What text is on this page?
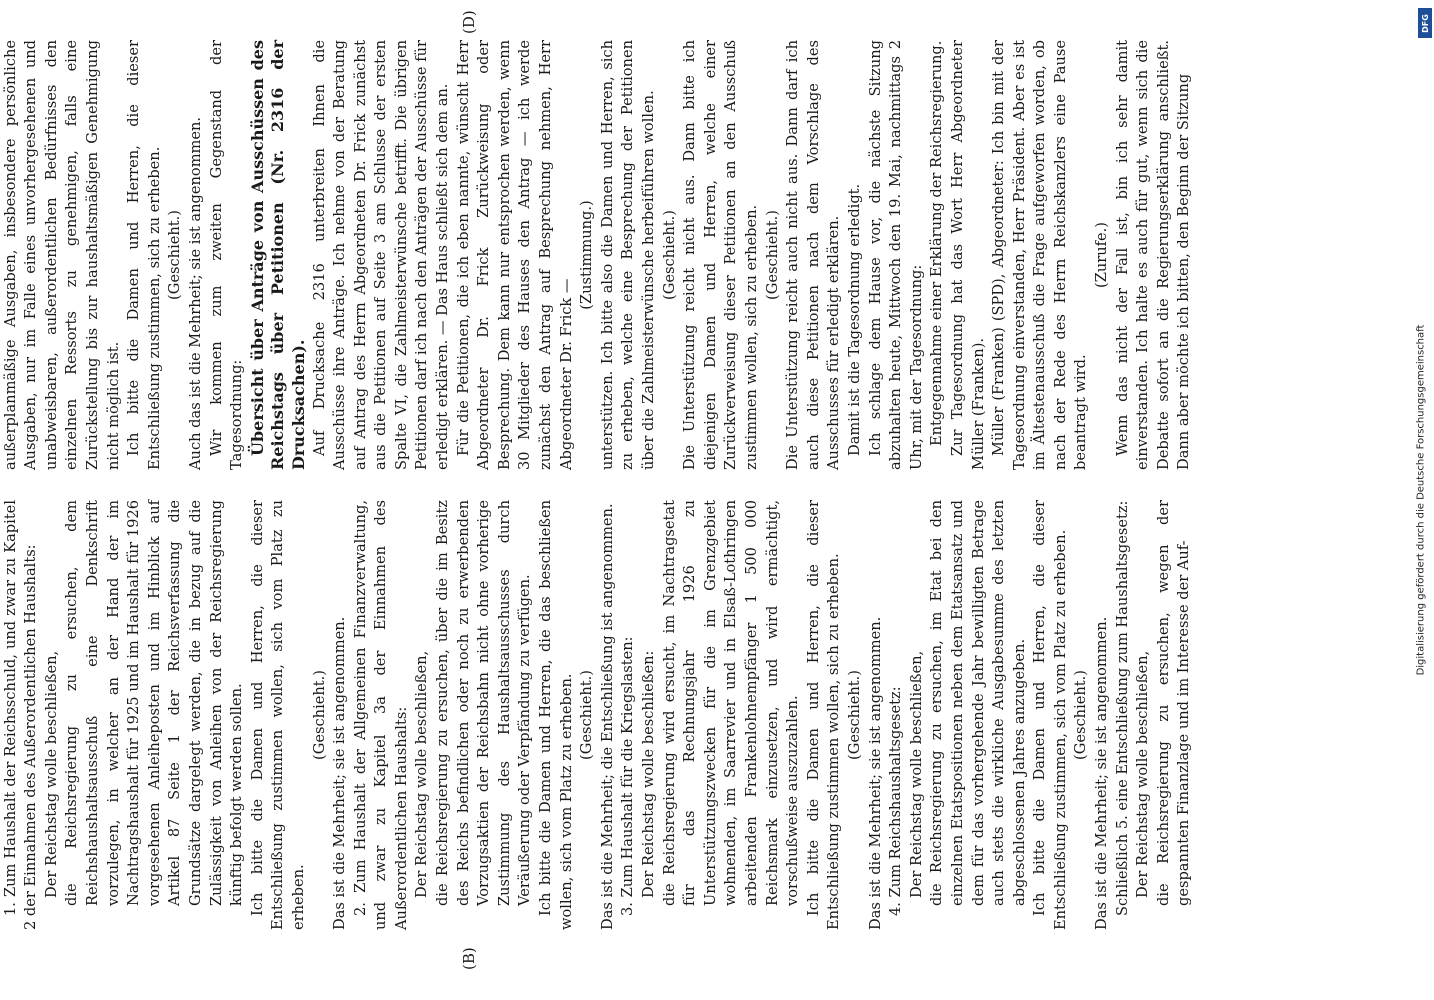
(B)
(D)

1. Zum Haushalt der Reichsschuld, und zwar zu Kapitel 2 der Einnahmen des Außerordentlichen Haushalts: Der Reichstag wolle beschließen, die Reichsregierung zu ersuchen, dem Reichshaushaltsausschuß eine Denkschrift vorzulegen, in welcher an der Hand der im Nachtragshaushalt für 1925 und im Haushalt für 1926 vorgesehenen Anleiheposten und im Hinblick auf Artikel 87 Seite 1 der Reichsverfassung die Grundsätze dargelegt werden, die in bezug auf die Zulässigkeit von Anleihen von der Reichsregierung künftig befolgt werden sollen. Ich bitte die Damen und Herren, die dieser Entschließung zustimmen wollen, sich vom Platz zu erheben.

(Geschieht.) Das ist die Mehrheit; sie ist angenommen. 2. Zum Haushalt der Allgemeinen Finanzverwaltung, und zwar zu Kapitel 3a der Einnahmen des Außerordentlichen Haushalts: Der Reichstag wolle beschließen, die Reichsregierung zu ersuchen, über die im Besitz des Reichs befindlichen oder noch zu erwerbenden Vorzugsaktien der Reichsbahn nicht ohne vorherige Zustimmung des Haushaltsausschusses durch Veräußerung oder Verpfändung zu verfügen. Ich bitte die Damen und Herren, die das beschließen wollen, sich vom Platz zu erheben. (Geschieht.) Das ist die Mehrheit; die Entschließung ist angenommen. 3. Zum Haushalt für die Kriegslasten: Der Reichstag wolle beschließen: die Reichsregierung wird ersucht, im Nachtragsetat für das Rechnungsjahr 1926 zu Unterstützungszwecken für die im Grenzgebiet wohnenden, im Saarrevier und in Elsaß-Lothringen arbeitenden Frankenlohnempfänger 1 500 000 Reichsmark einzusetzen, und wird ermächtigt, vorschußweise auszuzahlen. Ich bitte die Damen und Herren, die dieser Entschließung zustimmen wollen, sich zu erheben. (Geschieht.) Das ist die Mehrheit; sie ist angenommen. 4. Zum Reichshaushaltsgesetz: Der Reichstag wolle beschließen, die Reichsregierung zu ersuchen, im Etat bei den einzelnen Etatspositionen neben dem Etatsansatz und dem für das vorhergehende Jahr bewilligten Betrage auch stets die wirkliche Ausgabesumme des letzten abgeschlossenen Jahres anzugeben. Ich bitte die Damen und Herren, die dieser Entschließung zustimmen, sich vom Platz zu erheben. (Geschieht.) Das ist die Mehrheit; sie ist angenommen. Schließlich 5. eine Entschließung zum Haushaltsgesetz: Der Reichstag wolle beschließen, die Reichsregierung zu ersuchen, wegen der gespannten Finanzlage und im Interesse der Auf-

außerplanmäßige Ausgaben, insbesondere persönliche Ausgaben, nur im Falle eines unvorhergesehenen und unabweisbaren, außerordentlichen Bedürfnisses den einzelnen Ressorts zu genehmigen, falls eine Zurückstellung bis zur haushaltsmäßigen Genehmigung nicht möglich ist. Ich bitte die Damen und Herren, die dieser Entschließung zustimmen, sich zu erheben. (Geschieht.) Auch das ist die Mehrheit; sie ist angenommen. Wir kommen zum zweiten Gegenstand der Tagesordnung: Übersicht über Anträge von Ausschüssen des Reichstags über Petitionen (Nr. 2316 der Drucksachen). Auf Drucksache 2316 unterbreiten Ihnen die Ausschüsse ihre Anträge. Ich nehme von der Beratung auf Antrag des Herrn Abgeordneten Dr. Frick zunächst aus die Petitionen auf Seite 3 am Schlusse der ersten Spalte VI, die Zahlmeisterwünsche betrifft. Die übrigen Petitionen darf ich nach den Anträgen der Ausschüsse für erledigt erklären. — Das Haus schließt sich dem an. Für die Petitionen, die ich eben nannte, wünscht Herr Abgeordneter Dr. Frick Zurückweisung oder Besprechung. Dem kann nur entsprochen werden, wenn 30 Mitglieder des Hauses den Antrag — ich werde zunächst den Antrag auf Besprechung nehmen, Herr Abgeordneter Dr. Frick —

(Zustimmung.) unterstützen. Ich bitte also die Damen und Herren, sich zu erheben, welche eine Besprechung der Petitionen über die Zahlmeisterwünsche herbeiführen wollen. (Geschieht.) Die Unterstützung reicht nicht aus. Dann bitte ich diejenigen Damen und Herren, welche einer Zurückverweisung dieser Petitionen an den Ausschuß zustimmen wollen, sich zu erheben. (Geschieht.) Die Unterstützung reicht auch nicht aus. Dann darf ich auch diese Petitionen nach dem Vorschlage des Ausschusses für erledigt erklären. Damit ist die Tagesordnung erledigt. Ich schlage dem Hause vor, die nächste Sitzung abzuhalten heute, Mittwoch den 19. Mai, nachmittags 2 Uhr, mit der Tagesordnung: Entgegennahme einer Erklärung der Reichsregierung. Zur Tagesordnung hat das Wort Herr Abgeordneter Müller (Franken). Müller (Franken) (SPD), Abgeordneter: Ich bin mit der Tagesordnung einverstanden, Herr Präsident. Aber es ist im Ältestenausschuß die Frage aufgeworfen worden, ob nach der Rede des Herrn Reichskanzlers eine Pause beantragt wird.

(Zurufe.) Wenn das nicht der Fall ist, bin ich sehr damit einverstanden. Ich halte es auch für gut, wenn sich die Debatte sofort an die Regierungserklärung anschließt. Dann aber möchte ich bitten, den Beginn der Sitzung

Digitalisierung gefördert durch die Deutsche Forschungsgemeinschaft
DFG
